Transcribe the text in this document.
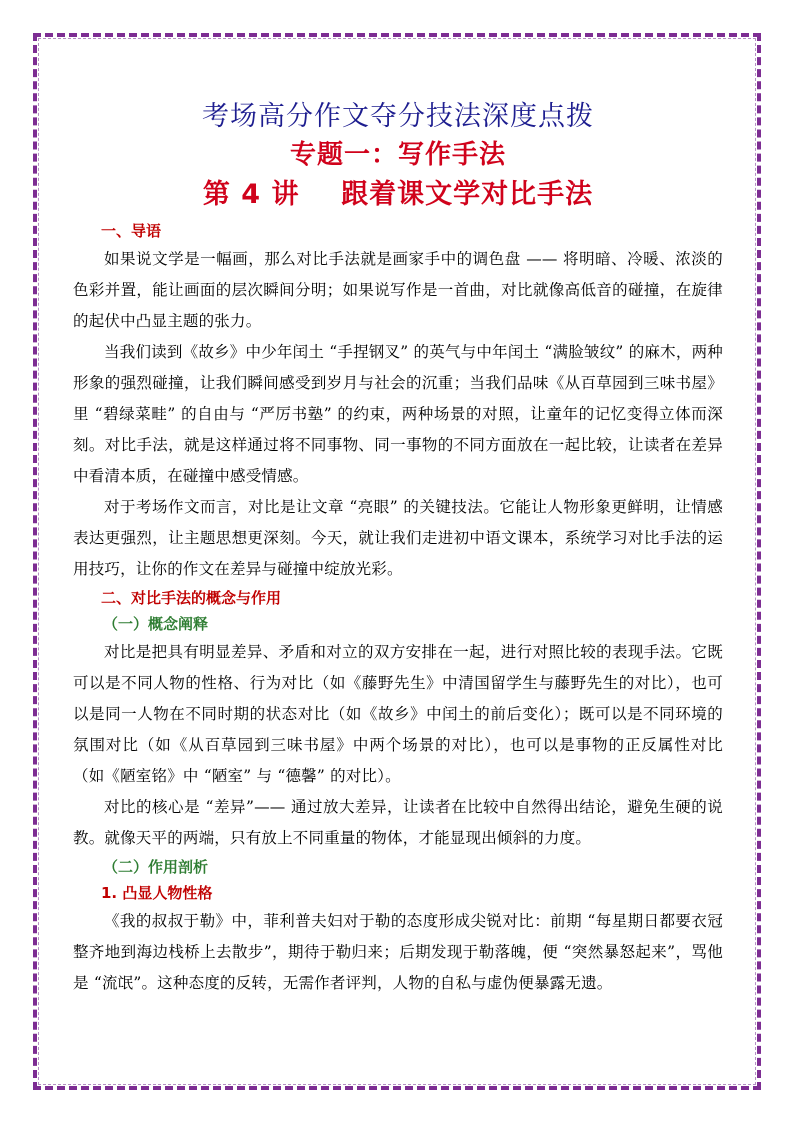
考场高分作文夺分技法深度点拨
专题一：写作手法
第 4 讲    跟着课文学对比手法
一、导语

如果说文学是一幅画，那么对比手法就是画家手中的调色盘 —— 将明暗、冷暖、浓淡的色彩并置，能让画面的层次瞬间分明；如果说写作是一首曲，对比就像高低音的碰撞，在旋律的起伏中凸显主题的张力。

当我们读到《故乡》中少年闰土 “手捏钢叉” 的英气与中年闰土 “满脸皱纹” 的麻木，两种形象的强烈碰撞，让我们瞬间感受到岁月与社会的沉重；当我们品味《从百草园到三味书屋》里 “碧绿菜畦” 的自由与 “严厉书塾” 的约束，两种场景的对照，让童年的记忆变得立体而深刻。对比手法，就是这样通过将不同事物、同一事物的不同方面放在一起比较，让读者在差异中看清本质，在碰撞中感受情感。

对于考场作文而言，对比是让文章 “亮眼” 的关键技法。它能让人物形象更鲜明，让情感表达更强烈，让主题思想更深刻。今天，就让我们走进初中语文课本，系统学习对比手法的运用技巧，让你的作文在差异与碰撞中绽放光彩。

二、对比手法的概念与作用
（一）概念阐释

对比是把具有明显差异、矛盾和对立的双方安排在一起，进行对照比较的表现手法。它既可以是不同人物的性格、行为对比（如《藤野先生》中清国留学生与藤野先生的对比），也可以是同一人物在不同时期的状态对比（如《故乡》中闰土的前后变化）；既可以是不同环境的氛围对比（如《从百草园到三味书屋》中两个场景的对比），也可以是事物的正反属性对比（如《陋室铭》中 “陋室” 与 “德馨” 的对比）。

对比的核心是 “差异”—— 通过放大差异，让读者在比较中自然得出结论，避免生硬的说教。就像天平的两端，只有放上不同重量的物体，才能显现出倾斜的力度。

（二）作用剖析
1. 凸显人物性格

《我的叔叔于勒》中，菲利普夫妇对于勒的态度形成尖锐对比：前期 “每星期日都要衣冠整齐地到海边栈桥上去散步”，期待于勒归来；后期发现于勒落魄，便 “突然暴怒起来”，骂他是 “流氓”。这种态度的反转，无需作者评判，人物的自私与虚伪便暴露无遗。
